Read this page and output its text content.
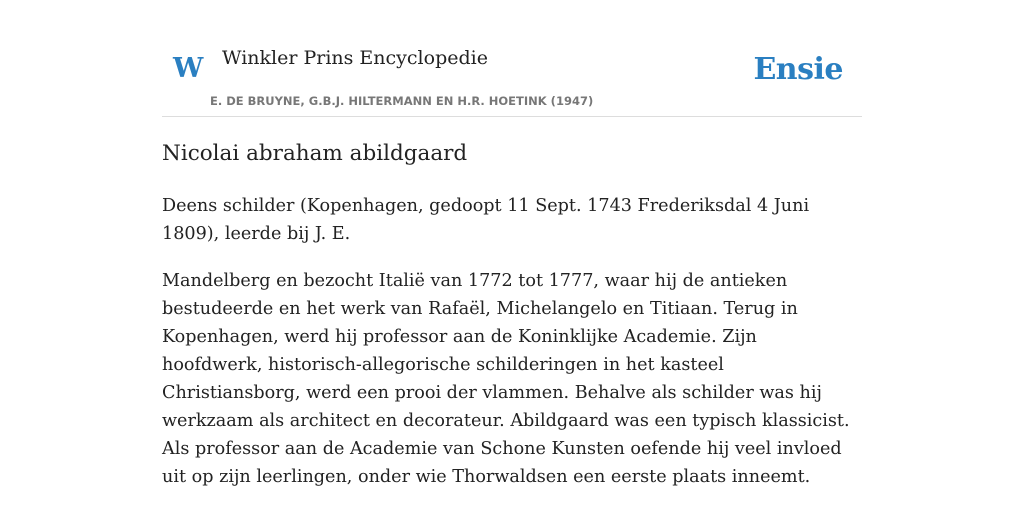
W Winkler Prins Encyclopedie
E. DE BRUYNE, G.B.J. HILTERMANN EN H.R. HOETINK (1947)
Ensie
Nicolai abraham abildgaard

Deens schilder (Kopenhagen, gedoopt 11 Sept. 1743 Frederiksdal 4 Juni 1809), leerde bij J. E.

Mandelberg en bezocht Italië van 1772 tot 1777, waar hij de antieken bestudeerde en het werk van Rafaël, Michelangelo en Titiaan. Terug in Kopenhagen, werd hij professor aan de Koninklijke Academie. Zijn hoofdwerk, historisch-allegorische schilderingen in het kasteel Christiansborg, werd een prooi der vlammen. Behalve als schilder was hij werkzaam als architect en decorateur. Abildgaard was een typisch klassicist. Als professor aan de Academie van Schone Kunsten oefende hij veel invloed uit op zijn leerlingen, onder wie Thorwaldsen een eerste plaats inneemt.
